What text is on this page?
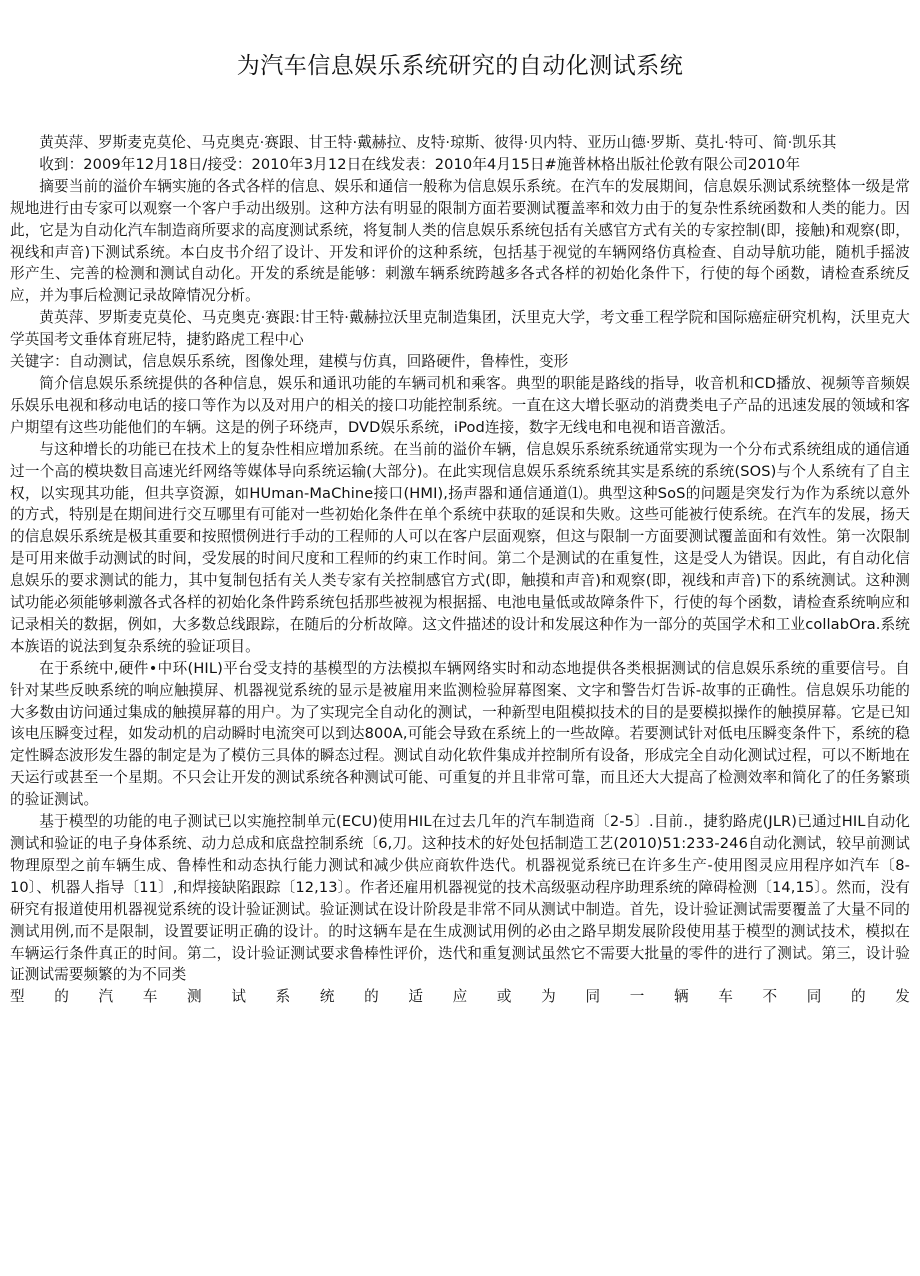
为汽车信息娱乐系统研究的自动化测试系统

黄英萍、罗斯麦克莫伦、马克奥克·赛跟、甘王特·戴赫拉、皮特·琼斯、彼得·贝内特、亚历山德·罗斯、莫扎·特可、简·凯乐其

收到：2009年12月18日/接受：2010年3月12日在线发表：2010年4月15日#施普林格出版社伦敦有限公司2010年

摘要当前的溢价车辆实施的各式各样的信息、娱乐和通信一般称为信息娱乐系统。在汽车的发展期间，信息娱乐测试系统整体一级是常规地进行由专家可以观察一个客户手动出级别。这种方法有明显的限制方面若要测试覆盖率和效力由于的复杂性系统函数和人类的能力。因此，它是为自动化汽车制造商所要求的高度测试系统，将复制人类的信息娱乐系统包括有关感官方式有关的专家控制(即，接触)和观察(即，视线和声音)下测试系统。本白皮书介绍了设计、开发和评价的这种系统，包括基于视觉的车辆网络仿真检查、自动导航功能，随机手摇波形产生、完善的检测和测试自动化。开发的系统是能够：刺激车辆系统跨越多各式各样的初始化条件下，行使的每个函数，请检查系统反应，并为事后检测记录故障情况分析。

黄英萍、罗斯麦克莫伦、马克奥克·赛跟:甘王特·戴赫拉沃里克制造集团，沃里克大学，考文垂工程学院和国际癌症研究机构，沃里克大学英国考文垂体育班尼特，捷豹路虎工程中心

关键字：自动测试，信息娱乐系统，图像处理，建模与仿真，回路硬件，鲁棒性，变形

简介信息娱乐系统提供的各种信息，娱乐和通讯功能的车辆司机和乘客。典型的职能是路线的指导，收音机和CD播放、视频等音频娱乐娱乐电视和移动电话的接口等作为以及对用户的相关的接口功能控制系统。一直在这大增长驱动的消费类电子产品的迅速发展的领域和客户期望有这些功能他们的车辆。这是的例子环绕声，DVD娱乐系统，iPod连接，数字无线电和电视和语音激活。

与这种增长的功能已在技术上的复杂性相应增加系统。在当前的溢价车辆，信息娱乐系统系统通常实现为一个分布式系统组成的通信通过一个高的模块数目高速光纤网络等媒体导向系统运输(大部分)。在此实现信息娱乐系统系统其实是系统的系统(SOS)与个人系统有了自主权，以实现其功能，但共享资源，如HUman-MaChine接口(HMI),扬声器和通信通道⑴。典型这种SoS的问题是突发行为作为系统以意外的方式，特别是在期间进行交互哪里有可能对一些初始化条件在单个系统中获取的延误和失败。这些可能被行使系统。在汽车的发展，扬天的信息娱乐系统是极其重要和按照惯例进行手动的工程师的人可以在客户层面观察，但这与限制一方面要测试覆盖面和有效性。第一次限制是可用来做手动测试的时间，受发展的时间尺度和工程师的约束工作时间。第二个是测试的在重复性，这是受人为错误。因此，有自动化信息娱乐的要求测试的能力，其中复制包括有关人类专家有关控制感官方式(即，触摸和声音)和观察(即，视线和声音)下的系统测试。这种测试功能必须能够刺激各式各样的初始化条件跨系统包括那些被视为根据摇、电池电量低或故障条件下，行使的每个函数，请检查系统响应和记录相关的数据，例如，大多数总线跟踪，在随后的分析故障。这文件描述的设计和发展这种作为一部分的英国学术和工业collabOra.系统本族语的说法到复杂系统的验证项目。

在于系统中,硬件•中环(HIL)平台受支持的基模型的方法模拟车辆网络实时和动态地提供各类根据测试的信息娱乐系统的重要信号。自针对某些反映系统的响应触摸屏、机器视觉系统的显示是被雇用来监测检验屏幕图案、文字和警告灯告诉-故事的正确性。信息娱乐功能的大多数由访问通过集成的触摸屏幕的用户。为了实现完全自动化的测试，一种新型电阻模拟技术的目的是要模拟操作的触摸屏幕。它是已知该电压瞬变过程，如发动机的启动瞬时电流突可以到达800A,可能会导致在系统上的一些故障。若要测试针对低电压瞬变条件下，系统的稳定性瞬态波形发生器的制定是为了模仿三具体的瞬态过程。测试自动化软件集成并控制所有设备，形成完全自动化测试过程，可以不断地在天运行或甚至一个星期。不只会让开发的测试系统各种测试可能、可重复的并且非常可靠，而且还大大提高了检测效率和简化了的任务繁琐的验证测试。

基于模型的功能的电子测试已以实施控制单元(ECU)使用HIL在过去几年的汽车制造商〔2-5〕.目前.，捷豹路虎(JLR)已通过HIL自动化测试和验证的电子身体系统、动力总成和底盘控制系统〔6,刀。这种技术的好处包括制造工艺(2010)51:233-246自动化测试，较早前测试物理原型之前车辆生成、鲁棒性和动态执行能力测试和减少供应商软件迭代。机器视觉系统已在许多生产-使用图灵应用程序如汽车〔8-10〕、机器人指导〔11〕,和焊接缺陷跟踪〔12,13〕。作者还雇用机器视觉的技术高级驱动程序助理系统的障碍检测〔14,15〕。然而，没有研究有报道使用机器视觉系统的设计验证测试。验证测试在设计阶段是非常不同从测试中制造。首先，设计验证测试需要覆盖了大量不同的测试用例,而不是限制，设置要证明正确的设计。的时这辆车是在生成测试用例的必由之路早期发展阶段使用基于模型的测试技术，模拟在车辆运行条件真正的时间。第二，设计验证测试要求鲁棒性评价，迭代和重复测试虽然它不需要大批量的零件的进行了测试。第三，设计验证测试需要频繁的为不同类

型的汽车测试系统的适应或为同一辆车不同的发
